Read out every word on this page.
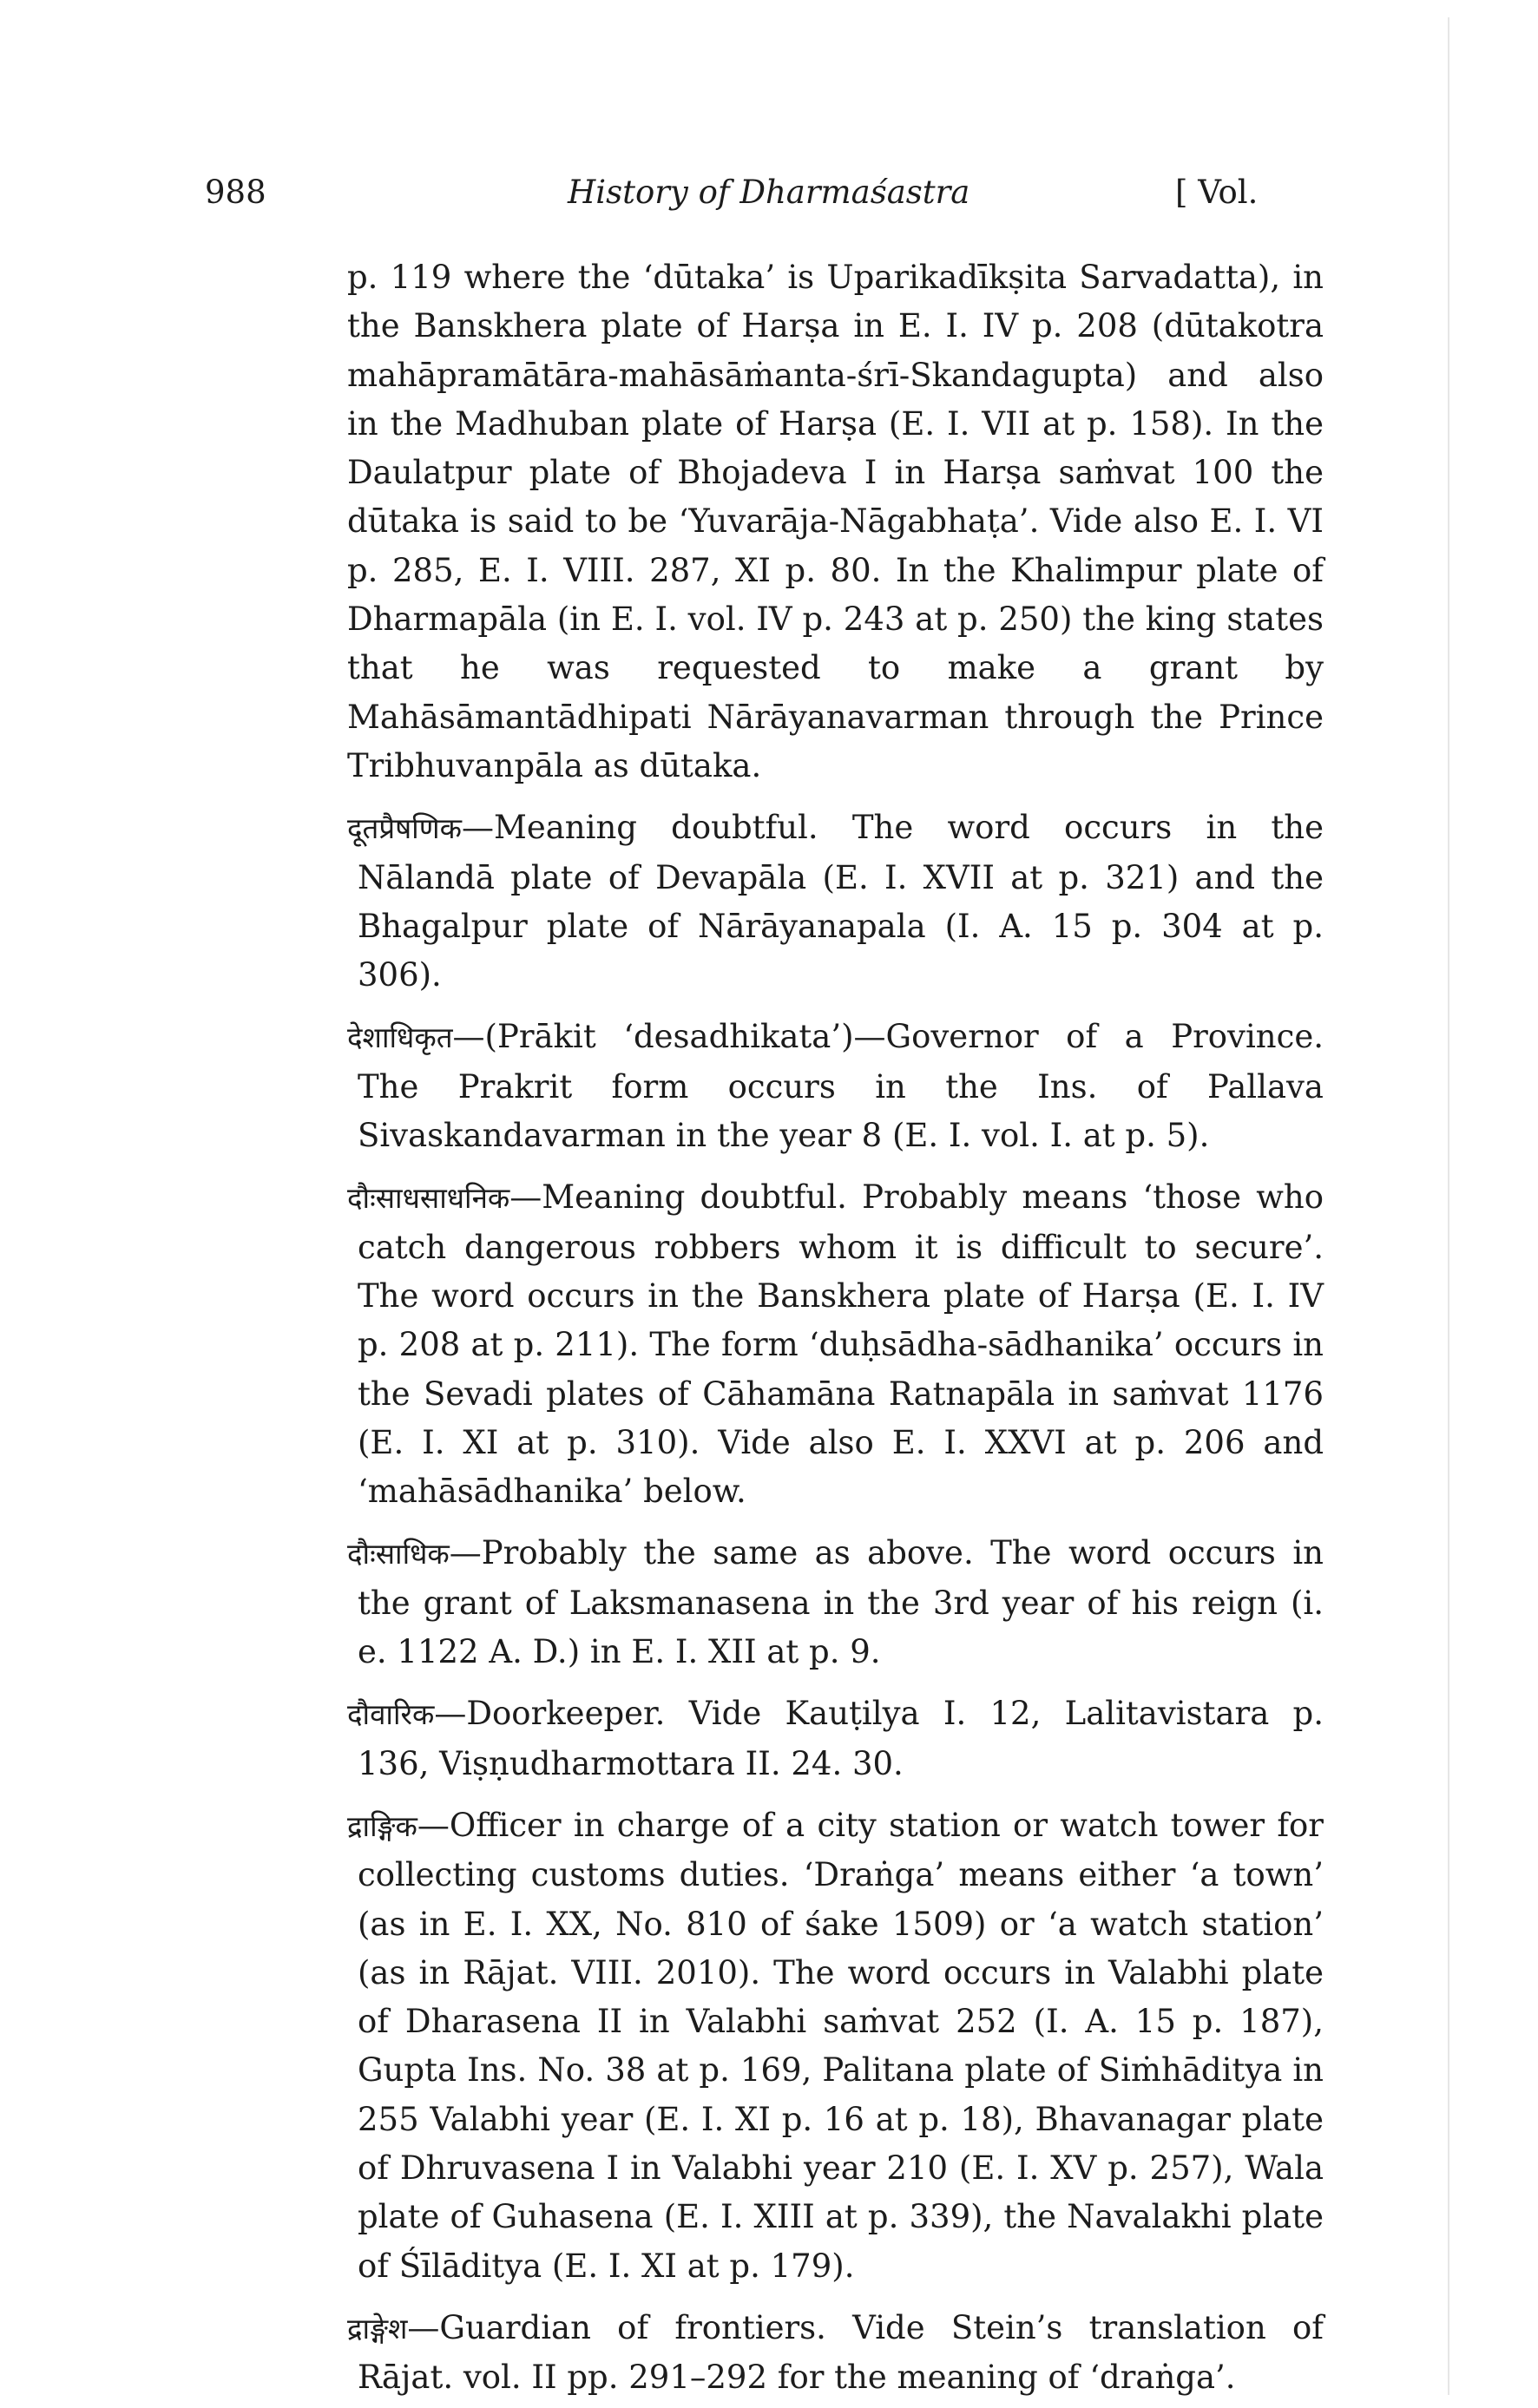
988	History of Dharmaśastra	[ Vol.

p. 119 where the ‘dūtaka’ is Uparikadīkṣita Sarvadatta), in the Banskhera plate of Harṣa in E. I. IV p. 208 (dūtakotra mahāpramātāra-mahāsāṁanta-śrī-Skandagupta) and also in the Madhuban plate of Harṣa (E. I. VII at p. 158). In the Daulatpur plate of Bhojadeva I in Harṣa saṁvat 100 the dūtaka is said to be ‘Yuvarāja-Nāgabhaṭa’. Vide also E. I. VI p. 285, E. I. VIII. 287, XI p. 80. In the Khalimpur plate of Dharmapāla (in E. I. vol. IV p. 243 at p. 250) the king states that he was requested to make a grant by Mahāsāmantādhipati Nārāyanavarman through the Prince Tribhuvanpāla as dūtaka.

दूतप्रैषणिक—Meaning doubtful. The word occurs in the Nālandā plate of Devapāla (E. I. XVII at p. 321) and the Bhagalpur plate of Nārāyanapala (I. A. 15 p. 304 at p. 306).

देशाधिकृत—(Prākit ‘desadhikata’)—Governor of a Province. The Prakrit form occurs in the Ins. of Pallava Sivaskandavarman in the year 8 (E. I. vol. I. at p. 5).

दौःसाधसाधनिक—Meaning doubtful. Probably means ‘those who catch dangerous robbers whom it is difficult to secure’. The word occurs in the Banskhera plate of Harṣa (E. I. IV p. 208 at p. 211). The form ‘duḥsādha-sādhanika’ occurs in the Sevadi plates of Cāhamāna Ratnapāla in saṁvat 1176 (E. I. XI at p. 310). Vide also E. I. XXVI at p. 206 and ‘mahāsādhanika’ below.

दौःसाधिक—Probably the same as above. The word occurs in the grant of Laksmanasena in the 3rd year of his reign (i. e. 1122 A. D.) in E. I. XII at p. 9.

दौवारिक—Doorkeeper. Vide Kauṭilya I. 12, Lalitavistara p. 136, Viṣṇudharmottara II. 24. 30.

द्राङ्गिक—Officer in charge of a city station or watch tower for collecting customs duties. ‘Draṅga’ means either ‘a town’ (as in E. I. XX, No. 810 of śake 1509) or ‘a watch station’ (as in Rājat. VIII. 2010). The word occurs in Valabhi plate of Dharasena II in Valabhi saṁvat 252 (I. A. 15 p. 187), Gupta Ins. No. 38 at p. 169, Palitana plate of Siṁhāditya in 255 Valabhi year (E. I. XI p. 16 at p. 18), Bhavanagar plate of Dhruvasena I in Valabhi year 210 (E. I. XV p. 257), Wala plate of Guhasena (E. I. XIII at p. 339), the Navalakhi plate of Śīlāditya (E. I. XI at p. 179).

द्राङ्गेश—Guardian of frontiers. Vide Stein’s translation of Rājat. vol. II pp. 291–292 for the meaning of ‘draṅga’.
